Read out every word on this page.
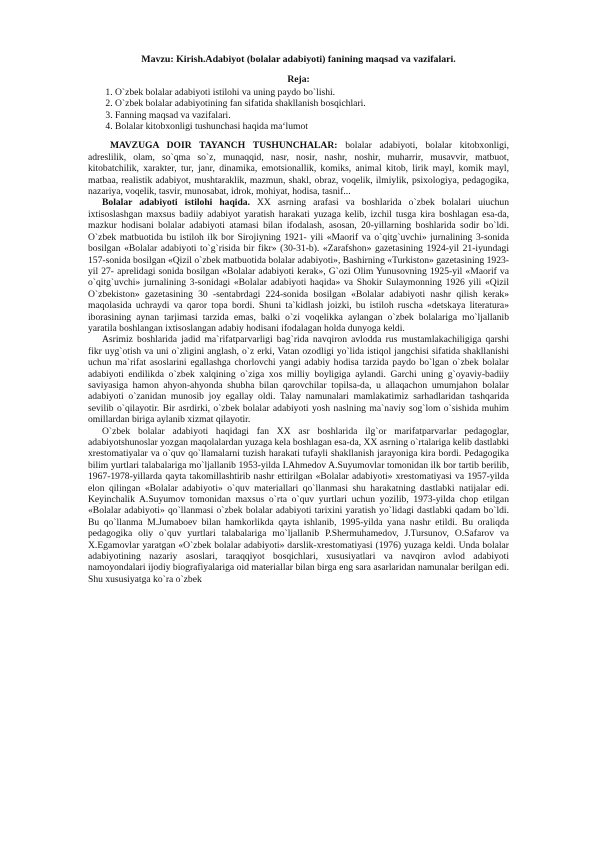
Mavzu: Kirish.Adabiyot (bolalar adabiyoti) fanining maqsad va vazifalari.
Reja:
1. O`zbek bolalar adabiyoti istilohi va uning paydo bo`lishi.
2. O`zbek bolalar adabiyotining fan sifatida shakllanish bosqichlari.
3. Fanning maqsad va vazifalari.
4. Bolalar kitobxonligi tushunchasi haqida ma‘lumot

MAVZUGA DOIR TAYANCH TUSHUNCHALAR: bolalar adabiyoti, bolalar kitobxonligi, adreslilik, olam, so`qma so`z, munaqqid, nasr, nosir, nashr, noshir, muharrir, musavvir, matbuot, kitobatchilik, xarakter, tur, janr, dinamika, emotsionallik, komiks, animal kitob, lirik mayl, komik mayl, matbaa, realistik adabiyot, mushtaraklik, mazmun, shakl, obraz, voqelik, ilmiylik, psixologiya, pedagogika, nazariya, voqelik, tasvir, munosabat, idrok, mohiyat, hodisa, tasnif...

Bolalar adabiyoti istilohi haqida. XX asrning arafasi va boshlarida o`zbek bolalari uiuchun ixtisoslashgan maxsus badiiy adabiyot yaratish harakati yuzaga kelib, izchil tusga kira boshlagan esa-da, mazkur hodisani bolalar adabiyoti atamasi bilan ifodalash, asosan, 20-yillarning boshlarida sodir bo`ldi. O`zbek matbuotida bu istiloh ilk bor Sirojiyning 1921- yili «Maorif va o`qitg`uvchi» jurnalining 3-sonida bosilgan «Bolalar adabiyoti to`g`risida bir fikr» (30-31-b). «Zarafshon» gazetasining 1924-yil 21-iyundagi 157-sonida bosilgan «Qizil o`zbek matbuotida bolalar adabiyoti», Bashirning «Turkiston» gazetasining 1923-yil 27- aprelidagi sonida bosilgan «Bolalar adabiyoti kerak», G`ozi Olim Yunusovning 1925-yil «Maorif va o`qitg`uvchi» jurnalining 3-sonidagi «Bolalar adabiyoti haqida» va Shokir Sulaymonning 1926 yili «Qizil O`zbekiston» gazetasining 30 -sentabrdagi 224-sonida bosilgan «Bolalar adabiyoti nashr qilish kerak» maqolasida uchraydi va qaror topa bordi. Shuni ta`kidlash joizki, bu istiloh ruscha «detskaya literatura» iborasining aynan tarjimasi tarzida emas, balki o`zi voqelikka aylangan o`zbek bolalariga mo`ljallanib yaratila boshlangan ixtisoslangan adabiy hodisani ifodalagan holda dunyoga keldi.

Asrimiz boshlarida jadid ma`rifatparvarligi bag`rida navqiron avlodda rus mustamlakachiligiga qarshi fikr uyg`otish va uni o`zligini anglash, o`z erki, Vatan ozodligi yo`lida istiqol jangchisi sifatida shakllanishi uchun ma`rifat asoslarini egallashga chorlovchi yangi adabiy hodisa tarzida paydo bo`lgan o`zbek bolalar adabiyoti endilikda o`zbek xalqining o`ziga xos milliy boyligiga aylandi. Garchi uning g`oyaviy-badiiy saviyasiga hamon ahyon-ahyonda shubha bilan qarovchilar topilsa-da, u allaqachon umumjahon bolalar adabiyoti o`zanidan munosib joy egallay oldi. Talay namunalari mamlakatimiz sarhadlaridan tashqarida sevilib o`qilayotir. Bir asrdirki, o`zbek bolalar adabiyoti yosh naslning ma`naviy sog`lom o`sishida muhim omillardan biriga aylanib xizmat qilayotir.

O`zbek bolalar adabiyoti haqidagi fan XX asr boshlarida ilg`or marifatparvarlar pedagoglar, adabiyotshunoslar yozgan maqolalardan yuzaga kela boshlagan esa-da, XX asrning o`rtalariga kelib dastlabki xrestomatiyalar va o`quv qo`llamalarni tuzish harakati tufayli shakllanish jarayoniga kira bordi. Pedagogika bilim yurtlari talabalariga mo`ljallanib 1953-yilda I.Ahmedov A.Suyumovlar tomonidan ilk bor tartib berilib, 1967-1978-yillarda qayta takomillashtirib nashr ettirilgan «Bolalar adabiyoti» xrestomatiyasi va 1957-yilda elon qilingan «Bolalar adabiyoti» o`quv materiallari qo`llanmasi shu harakatning dastlabki natijalar edi. Keyinchalik A.Suyumov tomonidan maxsus o`rta o`quv yurtlari uchun yozilib, 1973-yilda chop etilgan «Bolalar adabiyoti» qo`llanmasi o`zbek bolalar adabiyoti tarixini yaratish yo`lidagi dastlabki qadam bo`ldi. Bu qo`llanma M.Jumaboev bilan hamkorlikda qayta ishlanib, 1995-yilda yana nashr etildi. Bu oraliqda pedagogika oliy o`quv yurtlari talabalariga mo`ljallanib P.Shermuhamedov, J.Tursunov, O.Safarov va X.Egamovlar yaratgan «O`zbek bolalar adabiyoti» darslik-xrestomatiyasi (1976) yuzaga keldi. Unda bolalar adabiyotining nazariy asoslari, taraqqiyot bosqichlari, xususiyatlari va navqiron avlod adabiyoti namoyondalari ijodiy biografiyalariga oid materiallar bilan birga eng sara asarlaridan namunalar berilgan edi. Shu xususiyatga ko`ra o`zbek
